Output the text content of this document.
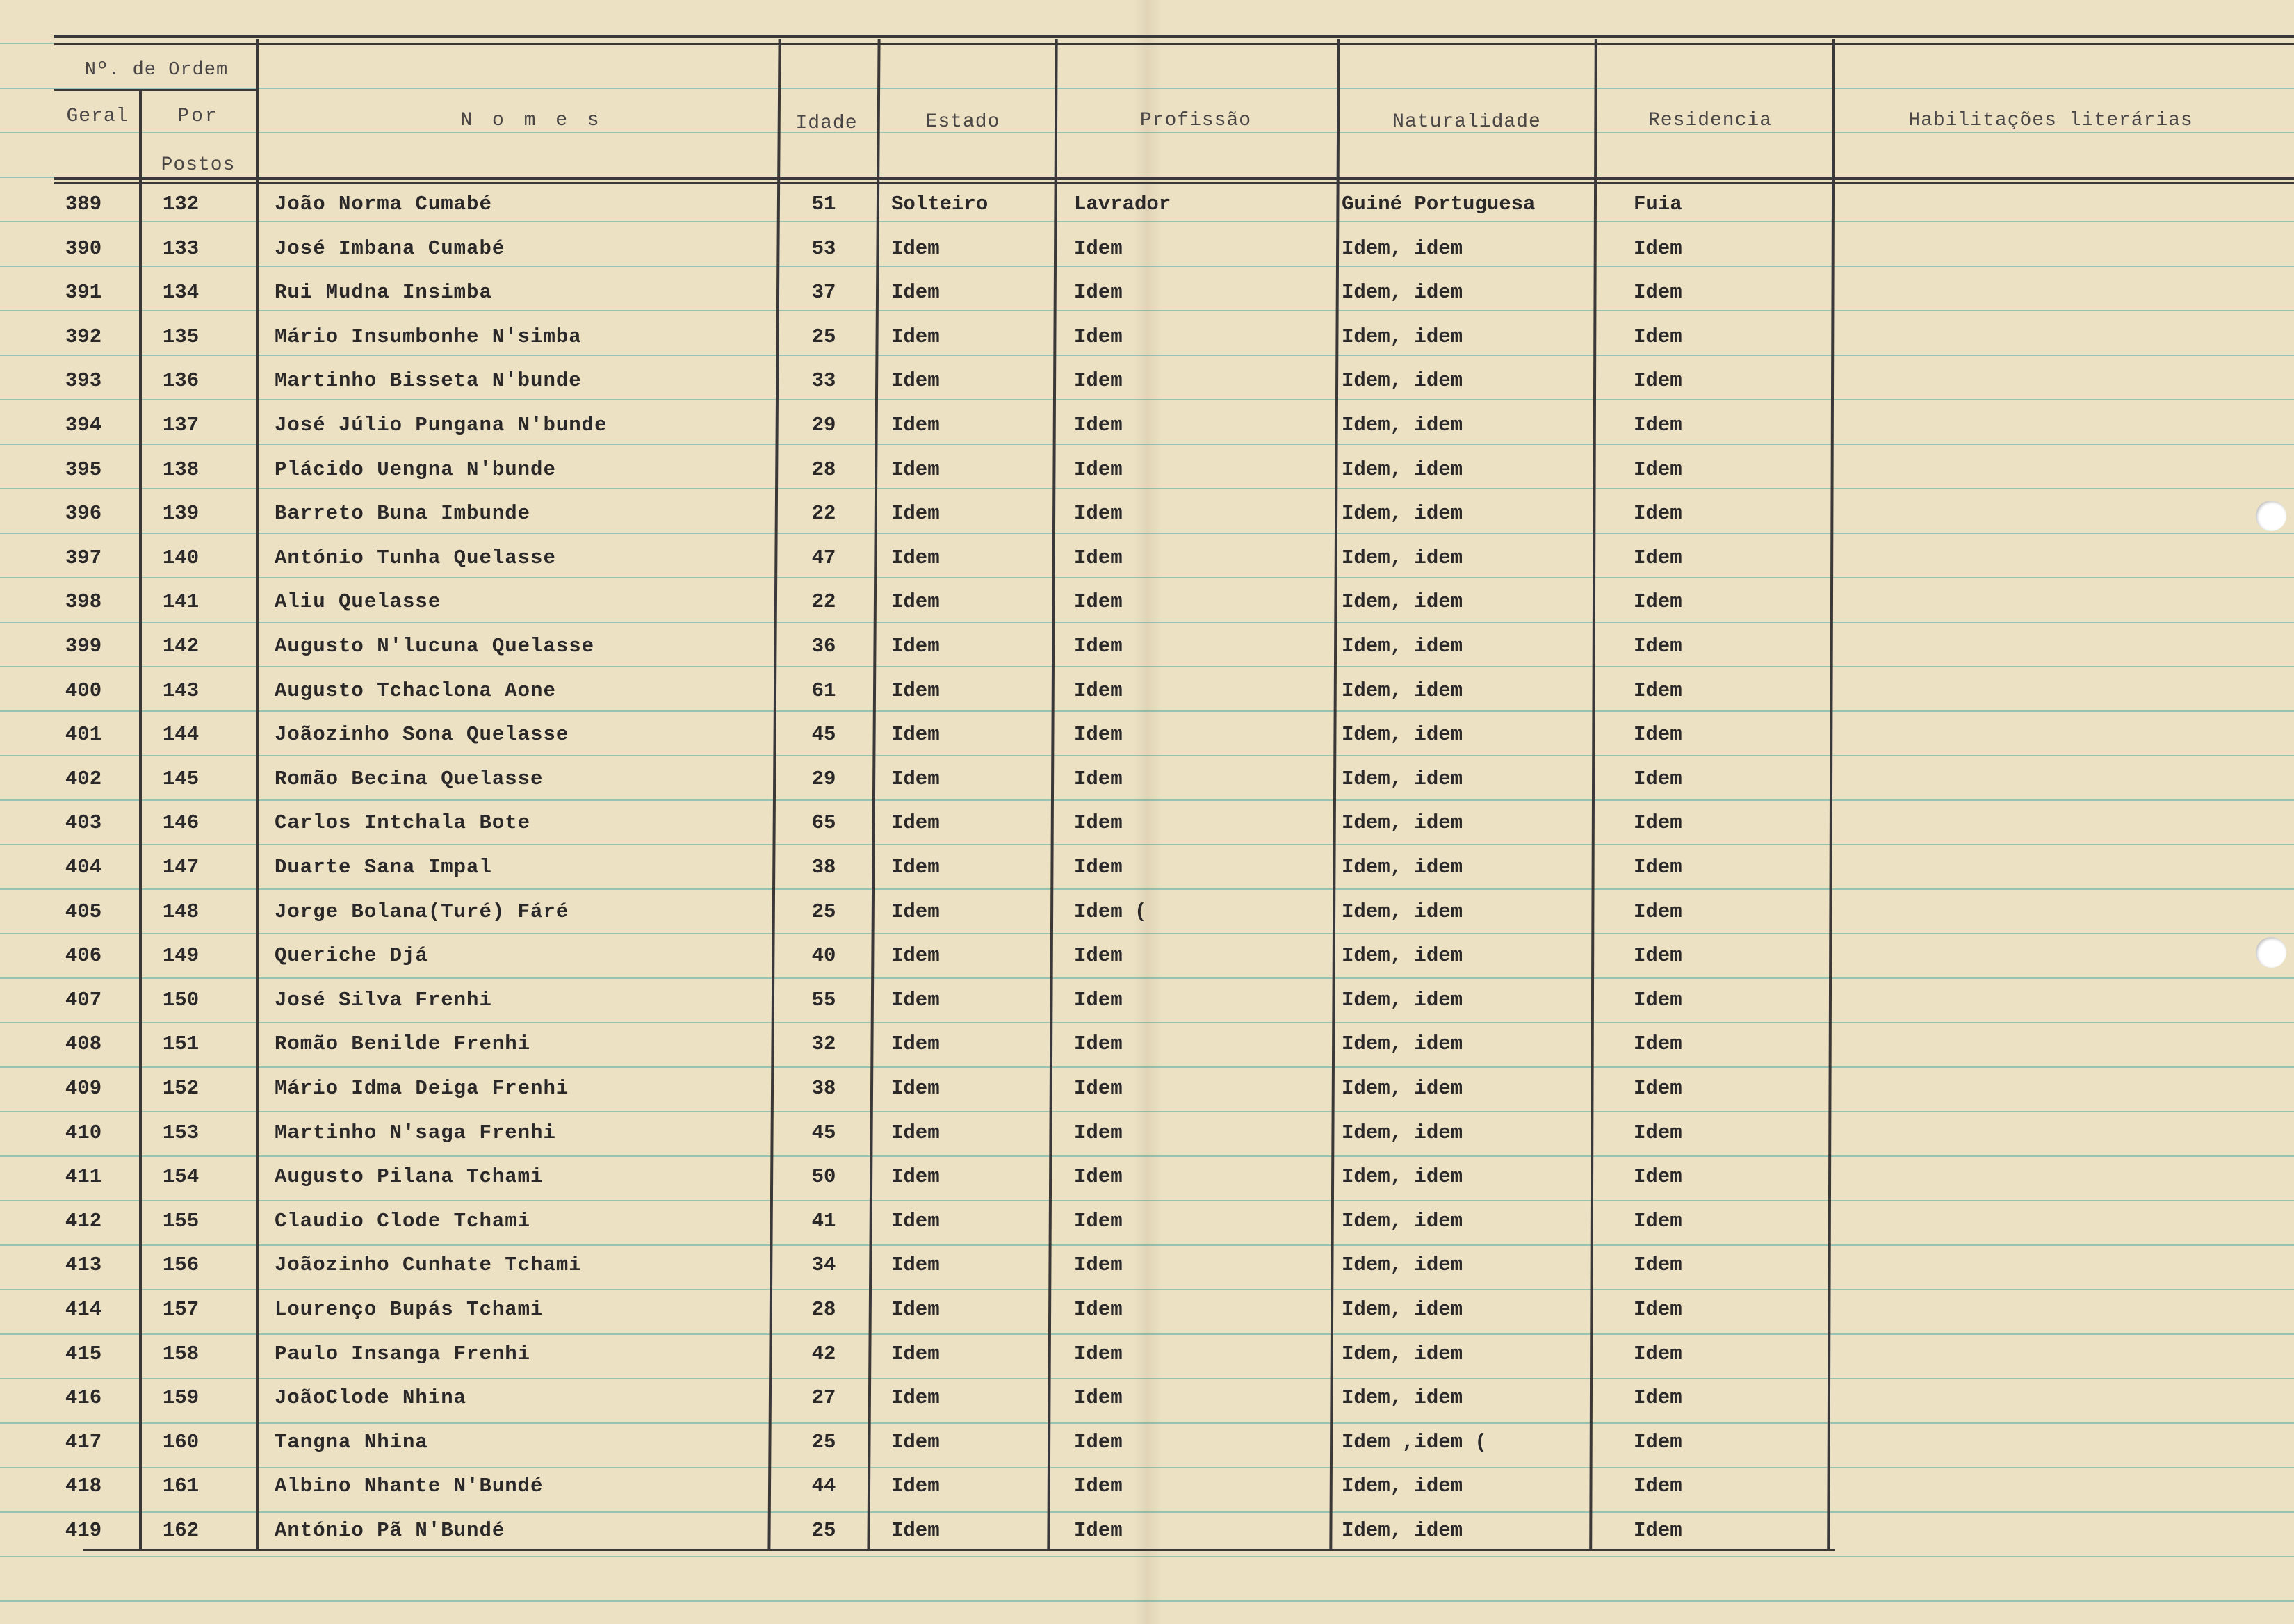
Nº. de Ordem
Geral	Por
Postos
N o m e s	Idade	Estado	Profissão	Naturalidade	Residencia	Habilitações literárias
389	132	João Norma Cumabé	51	Solteiro	Lavrador	Guiné Portuguesa	Fuia
390	133	José Imbana Cumabé	53	Idem	Idem	Idem, idem	Idem
391	134	Rui Mudna Insimba	37	Idem	Idem	Idem, idem	Idem
392	135	Mário Insumbonhe N'simba	25	Idem	Idem	Idem, idem	Idem
393	136	Martinho Bisseta N'bunde	33	Idem	Idem	Idem, idem	Idem
394	137	José Júlio Pungana N'bunde	29	Idem	Idem	Idem, idem	Idem
395	138	Plácido Uengna N'bunde	28	Idem	Idem	Idem, idem	Idem
396	139	Barreto Buna Imbunde	22	Idem	Idem	Idem, idem	Idem
397	140	António Tunha Quelasse	47	Idem	Idem	Idem, idem	Idem
398	141	Aliu Quelasse	22	Idem	Idem	Idem, idem	Idem
399	142	Augusto N'lucuna Quelasse	36	Idem	Idem	Idem, idem	Idem
400	143	Augusto Tchaclona Aone	61	Idem	Idem	Idem, idem	Idem
401	144	Joãozinho Sona Quelasse	45	Idem	Idem	Idem, idem	Idem
402	145	Romão Becina Quelasse	29	Idem	Idem	Idem, idem	Idem
403	146	Carlos Intchala Bote	65	Idem	Idem	Idem, idem	Idem
404	147	Duarte Sana Impal	38	Idem	Idem	Idem, idem	Idem
405	148	Jorge Bolana(Turé) Fáré	25	Idem	Idem (	Idem, idem	Idem
406	149	Queriche Djá	40	Idem	Idem	Idem, idem	Idem
407	150	José Silva Frenhi	55	Idem	Idem	Idem, idem	Idem
408	151	Romão Benilde Frenhi	32	Idem	Idem	Idem, idem	Idem
409	152	Mário Idma Deiga Frenhi	38	Idem	Idem	Idem, idem	Idem
410	153	Martinho N'saga Frenhi	45	Idem	Idem	Idem, idem	Idem
411	154	Augusto Pilana Tchami	50	Idem	Idem	Idem, idem	Idem
412	155	Claudio Clode Tchami	41	Idem	Idem	Idem, idem	Idem
413	156	Joãozinho Cunhate Tchami	34	Idem	Idem	Idem, idem	Idem
414	157	Lourenço Bupás Tchami	28	Idem	Idem	Idem, idem	Idem
415	158	Paulo Insanga Frenhi	42	Idem	Idem	Idem, idem	Idem
416	159	JoãoClode Nhina	27	Idem	Idem	Idem, idem	Idem
417	160	Tangna Nhina	25	Idem	Idem	Idem ,idem (	Idem
418	161	Albino Nhante N'Bundé	44	Idem	Idem	Idem, idem	Idem
419	162	António Pã N'Bundé	25	Idem	Idem	Idem, idem	Idem
